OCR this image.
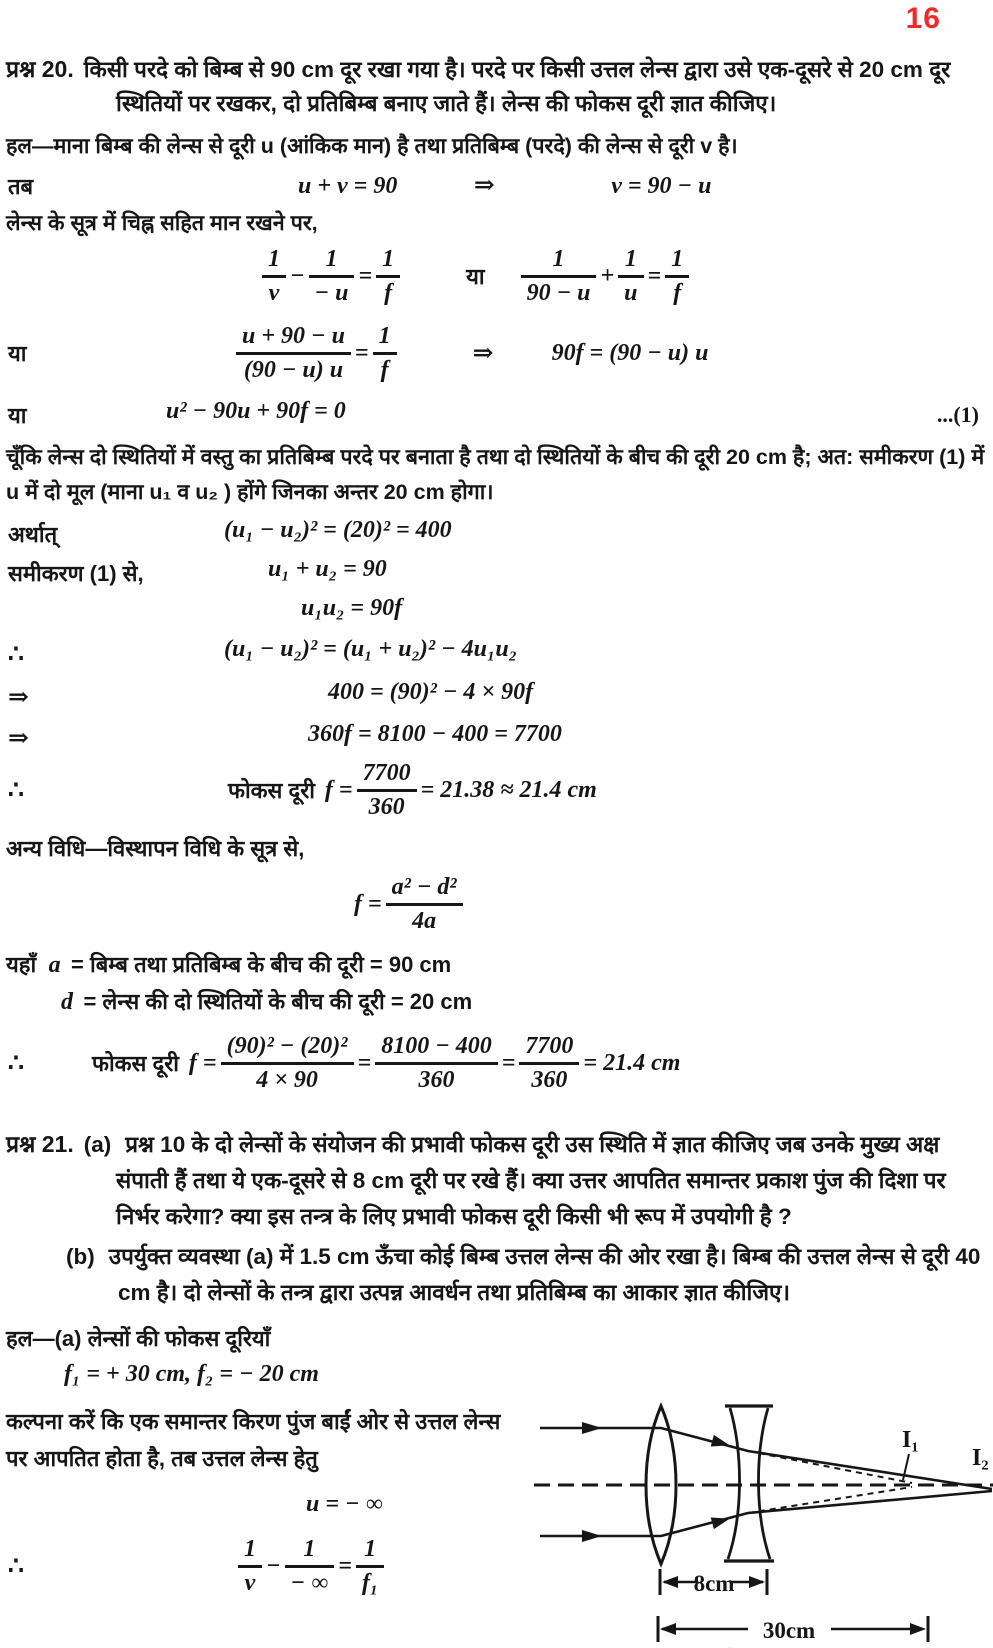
16
प्रश्न 20. किसी परदे को बिम्ब से 90 cm दूर रखा गया है। परदे पर किसी उत्तल लेन्स द्वारा उसे एक-दूसरे से 20 cm दूर स्थितियों पर रखकर, दो प्रतिबिम्ब बनाए जाते हैं। लेन्स की फोकस दूरी ज्ञात कीजिए।
हल—माना बिम्ब की लेन्स से दूरी u (आंकिक मान) है तथा प्रतिबिम्ब (परदे) की लेन्स से दूरी v है।
तब	u + v = 90	⇒	v = 90 − u
लेन्स के सूत्र में चिह्न सहित मान रखने पर,
$\frac{1}{v} - \frac{1}{- u} = \frac{1}{f}$	या $\frac{1}{90 - u} + \frac{1}{u} = \frac{1}{f}$
या	$\frac{u + 90 - u}{(90 - u) u} = \frac{1}{f}$	⇒ 90f = (90 − u) u
या	u² − 90u + 90f = 0	...(1)
चूँकि लेन्स दो स्थितियों में वस्तु का प्रतिबिम्ब परदे पर बनाता है तथा दो स्थितियों के बीच की दूरी 20 cm है; अत: समीकरण (1) में u में दो मूल (माना u₁ व u₂ ) होंगे जिनका अन्तर 20 cm होगा।
अर्थात्	(u₁ − u₂)² = (20)² = 400
समीकरण (1) से,	u₁ + u₂ = 90
u₁u₂ = 90f
∴	(u₁ − u₂)² = (u₁ + u₂)² − 4u₁u₂
⇒	400 = (90)² − 4 × 90f
⇒	360f = 8100 − 400 = 7700
∴	फोकस दूरी $f = \frac{7700}{360} = 21.38 \approx 21.4$ cm
अन्य विधि—विस्थापन विधि के सूत्र से,
$f = \frac{\text{a² − d²}}{4a}$
यहाँ a = बिम्ब तथा प्रतिबिम्ब के बीच की दूरी = 90 cm
d = लेन्स की दो स्थितियों के बीच की दूरी = 20 cm
∴	फोकस दूरी $f = \frac{\text{(90)² − (20)²}}{4 \times 90} = \frac{8100 - 400}{360} = \frac{7700}{360} = 21.4$ cm
प्रश्न 21. (a) प्रश्न 10 के दो लेन्सों के संयोजन की प्रभावी फोकस दूरी उस स्थिति में ज्ञात कीजिए जब उनके मुख्य अक्ष संपाती हैं तथा ये एक-दूसरे से 8 cm दूरी पर रखे हैं। क्या उत्तर आपतित समान्तर प्रकाश पुंज की दिशा पर निर्भर करेगा? क्या इस तन्त्र के लिए प्रभावी फोकस दूरी किसी भी रूप में उपयोगी है ?
(b) उपर्युक्त व्यवस्था (a) में 1.5 cm ऊँचा कोई बिम्ब उत्तल लेन्स की ओर रखा है। बिम्ब की उत्तल लेन्स से दूरी 40 cm है। दो लेन्सों के तन्त्र द्वारा उत्पन्न आवर्धन तथा प्रतिबिम्ब का आकार ज्ञात कीजिए।
हल—(a) लेन्सों की फोकस दूरियाँ
f₁ = + 30 cm, f₂ = − 20 cm
कल्पना करें कि एक समान्तर किरण पुंज बाईं ओर से उत्तल लेन्स पर आपतित होता है, तब उत्तल लेन्स हेतु
u = − ∞
∴	$\frac{1}{v} - \frac{1}{- \infty} = \frac{1}{\text{f₁}}$
I₁
I₂
8cm
30cm
